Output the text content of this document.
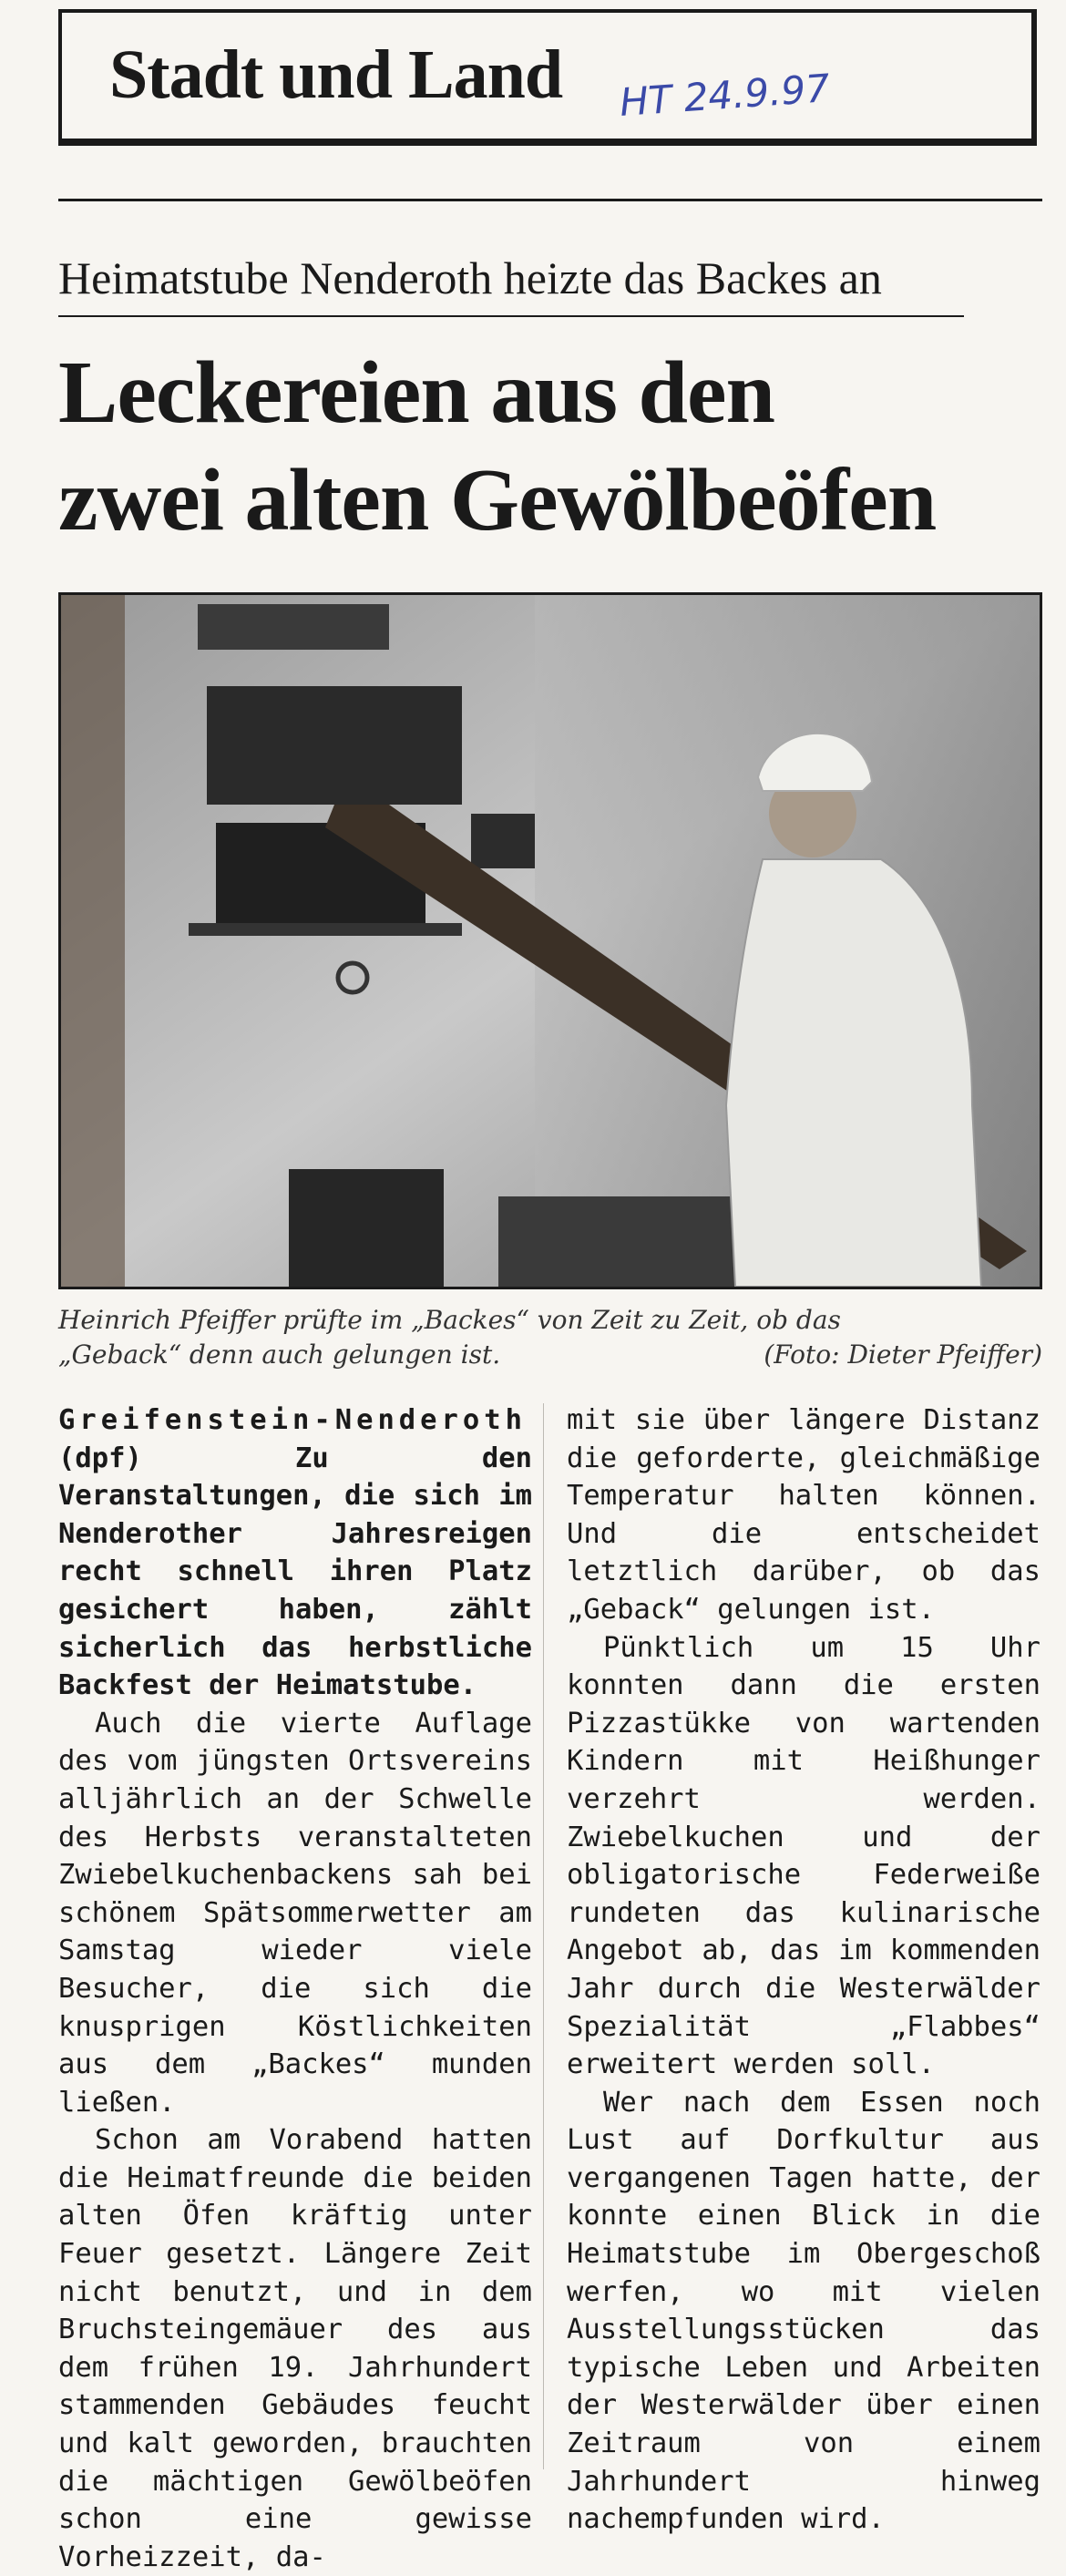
Stadt und Land HT 24.9.97
Heimatstube Nenderoth heizte das Backes an
Leckereien aus den
zwei alten Gewölbeöfen
Heinrich Pfeiffer prüfte im „Backes“ von Zeit zu Zeit, ob das
„Geback“ denn auch gelungen ist.	(Foto: Dieter Pfeiffer)

Greifenstein-Nenderoth (dpf) Zu den Veranstaltungen, die sich im Nenderother Jahresreigen recht schnell ihren Platz gesichert haben, zählt sicherlich das herbstliche Backfest der Heimatstube.

Auch die vierte Auflage des vom jüngsten Ortsvereins alljährlich an der Schwelle des Herbsts veranstalteten Zwiebelkuchenbackens sah bei schönem Spätsommerwetter am Samstag wieder viele Besucher, die sich die knusprigen Köstlichkeiten aus dem „Backes“ munden ließen.

Schon am Vorabend hatten die Heimatfreunde die beiden alten Öfen kräftig unter Feuer gesetzt. Längere Zeit nicht benutzt, und in dem Bruchsteingemäuer des aus dem frühen 19. Jahrhundert stammenden Gebäudes feucht und kalt geworden, brauchten die mächtigen Gewölbeöfen schon eine gewisse Vorheizzeit, da-

mit sie über längere Distanz die geforderte, gleichmäßige Temperatur halten können. Und die entscheidet letztlich darüber, ob das „Geback“ gelungen ist.

Pünktlich um 15 Uhr konnten dann die ersten Pizzastükke von wartenden Kindern mit Heißhunger verzehrt werden. Zwiebelkuchen und der obligatorische Federweiße rundeten das kulinarische Angebot ab, das im kommenden Jahr durch die Westerwälder Spezialität „Flabbes“ erweitert werden soll.

Wer nach dem Essen noch Lust auf Dorfkultur aus vergangenen Tagen hatte, der konnte einen Blick in die Heimatstube im Obergeschoß werfen, wo mit vielen Ausstellungsstücken das typische Leben und Arbeiten der Westerwälder über einen Zeitraum von einem Jahrhundert hinweg nachempfunden wird.
